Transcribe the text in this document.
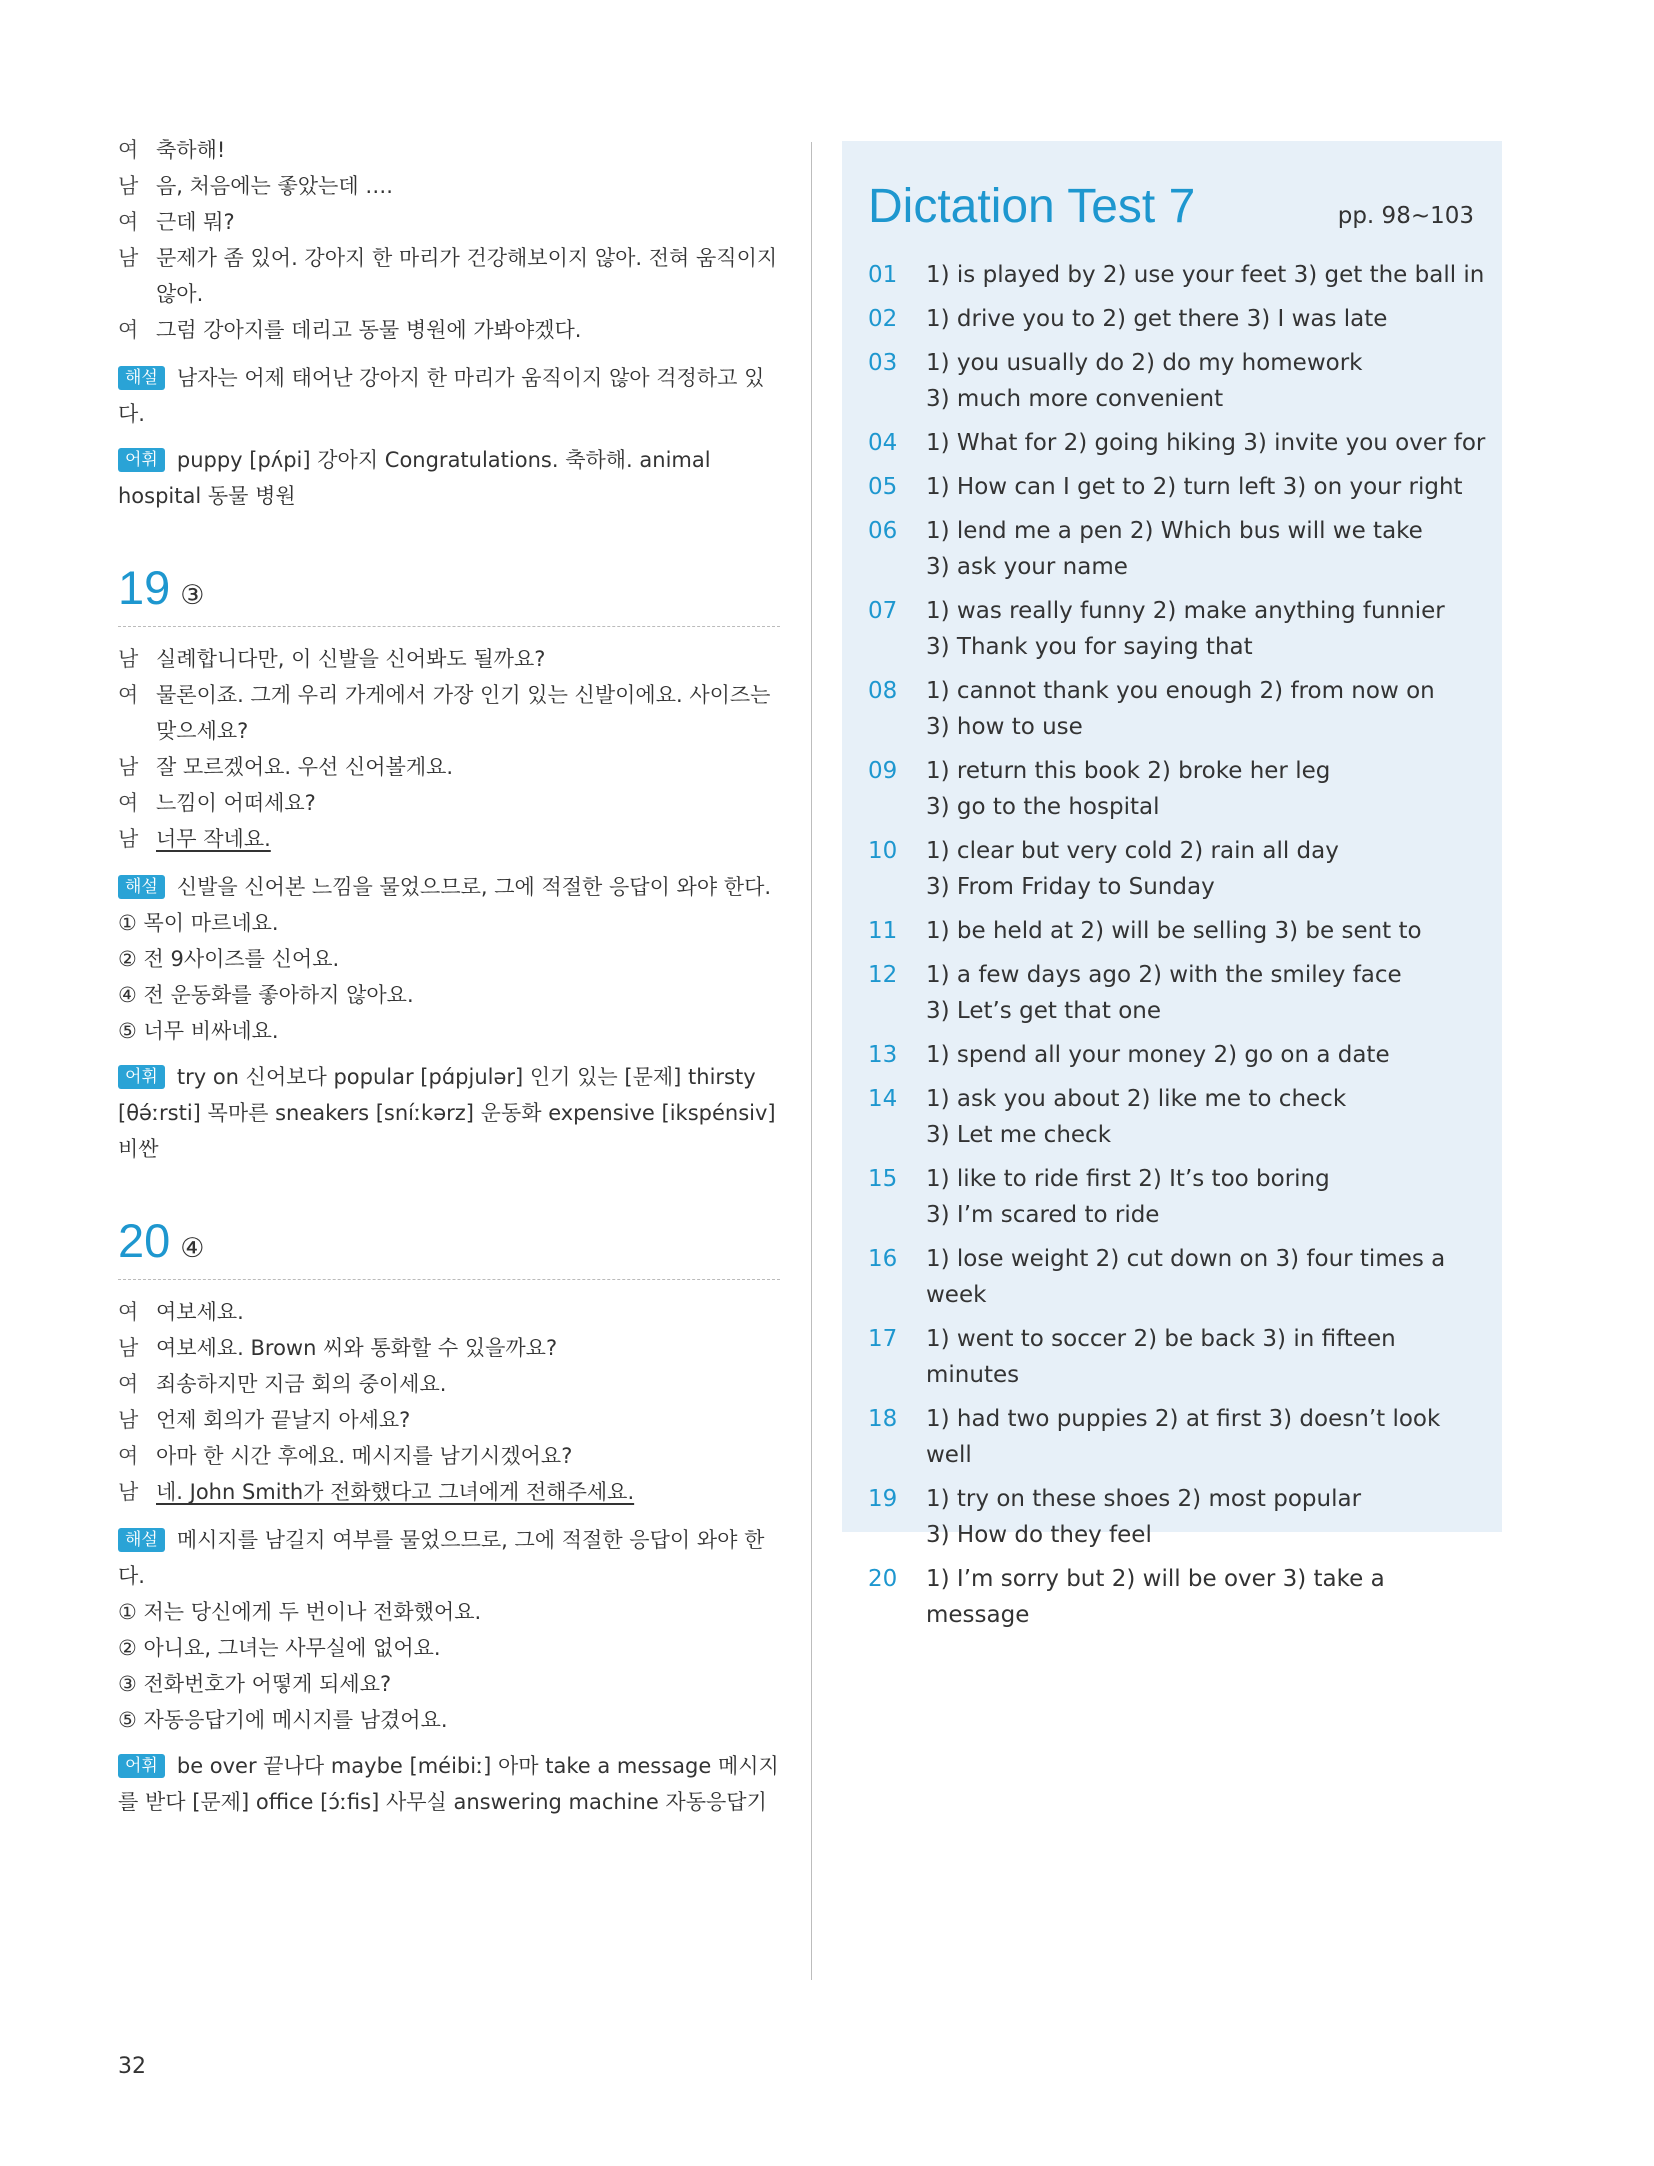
여 축하해!
남 음, 처음에는 좋았는데 ….
여 근데 뭐?
남 문제가 좀 있어. 강아지 한 마리가 건강해보이지 않아. 전혀 움직이지 않아.
여 그럼 강아지를 데리고 동물 병원에 가봐야겠다.
해설 남자는 어제 태어난 강아지 한 마리가 움직이지 않아 걱정하고 있다.
어휘 puppy [pʌ́pi] 강아지 Congratulations. 축하해. animal hospital 동물 병원
19 ③
남 실례합니다만, 이 신발을 신어봐도 될까요?
여 물론이죠. 그게 우리 가게에서 가장 인기 있는 신발이에요. 사이즈는 맞으세요?
남 잘 모르겠어요. 우선 신어볼게요.
여 느낌이 어떠세요?
남 너무 작네요.
해설 신발을 신어본 느낌을 물었으므로, 그에 적절한 응답이 와야 한다.
① 목이 마르네요.
② 전 9사이즈를 신어요.
④ 전 운동화를 좋아하지 않아요.
⑤ 너무 비싸네요.
어휘 try on 신어보다 popular [pɑ́pjulər] 인기 있는 [문제] thirsty [θə́ːrsti] 목마른 sneakers [sníːkərz] 운동화 expensive [ikspénsiv] 비싼
20 ④
여 여보세요.
남 여보세요. Brown 씨와 통화할 수 있을까요?
여 죄송하지만 지금 회의 중이세요.
남 언제 회의가 끝날지 아세요?
여 아마 한 시간 후에요. 메시지를 남기시겠어요?
남 네. John Smith가 전화했다고 그녀에게 전해주세요.
해설 메시지를 남길지 여부를 물었으므로, 그에 적절한 응답이 와야 한다.
① 저는 당신에게 두 번이나 전화했어요.
② 아니요, 그녀는 사무실에 없어요.
③ 전화번호가 어떻게 되세요?
⑤ 자동응답기에 메시지를 남겼어요.
어휘 be over 끝나다 maybe [méibiː] 아마 take a message 메시지를 받다 [문제] office [ɔ́ːfis] 사무실 answering machine 자동응답기
Dictation Test 7	pp. 98~103
01	1) is played by 2) use your feet 3) get the ball in
02	1) drive you to 2) get there 3) I was late
03	1) you usually do 2) do my homework
3) much more convenient
04	1) What for 2) going hiking 3) invite you over for
05	1) How can I get to 2) turn left 3) on your right
06	1) lend me a pen 2) Which bus will we take
3) ask your name
07	1) was really funny 2) make anything funnier
3) Thank you for saying that
08	1) cannot thank you enough 2) from now on
3) how to use
09	1) return this book 2) broke her leg
3) go to the hospital
10	1) clear but very cold 2) rain all day
3) From Friday to Sunday
11	1) be held at 2) will be selling 3) be sent to
12	1) a few days ago 2) with the smiley face
3) Let’s get that one
13	1) spend all your money 2) go on a date
14	1) ask you about 2) like me to check
3) Let me check
15	1) like to ride first 2) It’s too boring
3) I’m scared to ride
16	1) lose weight 2) cut down on 3) four times a week
17	1) went to soccer 2) be back 3) in fifteen minutes
18	1) had two puppies 2) at first 3) doesn’t look well
19	1) try on these shoes 2) most popular
3) How do they feel
20	1) I’m sorry but 2) will be over 3) take a message
32
